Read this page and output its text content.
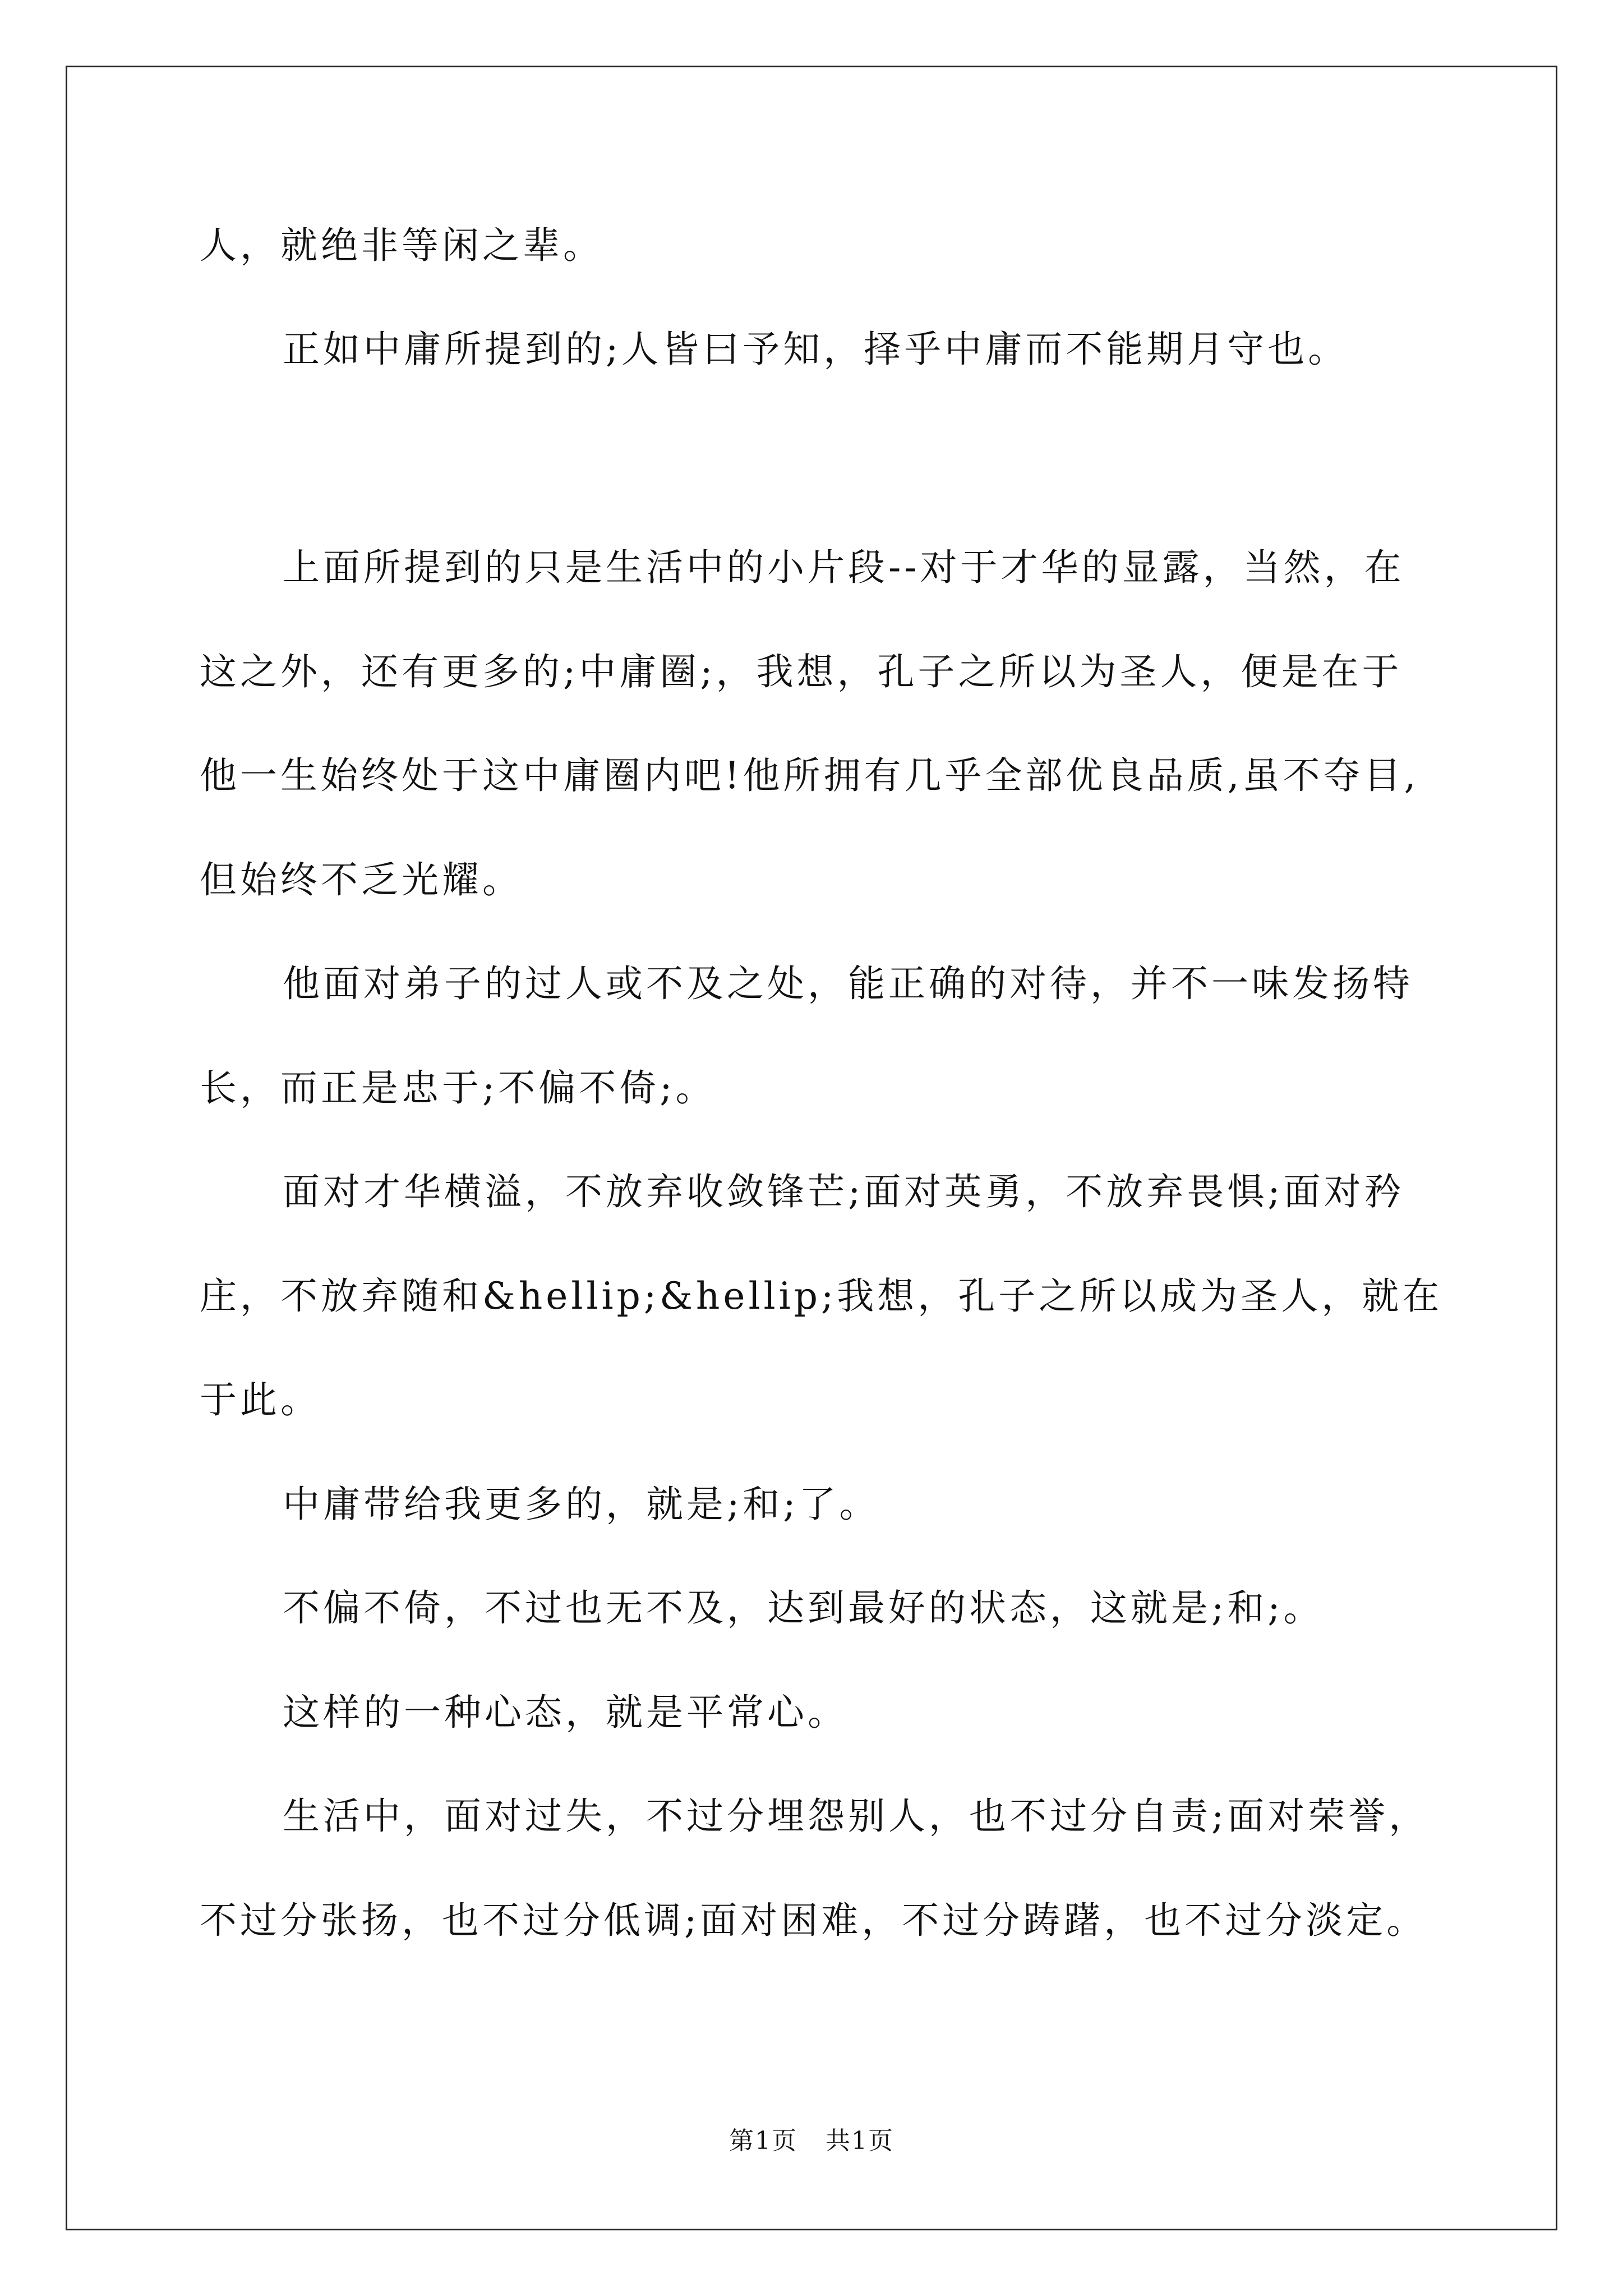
人，就绝非等闲之辈。
正如中庸所提到的;人皆曰予知，择乎中庸而不能期月守也。
上面所提到的只是生活中的小片段--对于才华的显露，当然，在
这之外，还有更多的;中庸圈;，我想，孔子之所以为圣人，便是在于
他一生始终处于这中庸圈内吧!他所拥有几乎全部优良品质,虽不夺目,
但始终不乏光耀。
他面对弟子的过人或不及之处，能正确的对待，并不一味发扬特
长，而正是忠于;不偏不倚;。
面对才华横溢，不放弃收敛锋芒;面对英勇，不放弃畏惧;面对矜
庄，不放弃随和&hellip;&hellip;我想，孔子之所以成为圣人，就在
于此。
中庸带给我更多的，就是;和;了。
不偏不倚，不过也无不及，达到最好的状态，这就是;和;。
这样的一种心态，就是平常心。
生活中，面对过失，不过分埋怨别人，也不过分自责;面对荣誉，
不过分张扬，也不过分低调;面对困难，不过分踌躇，也不过分淡定。
第1页 共1页
